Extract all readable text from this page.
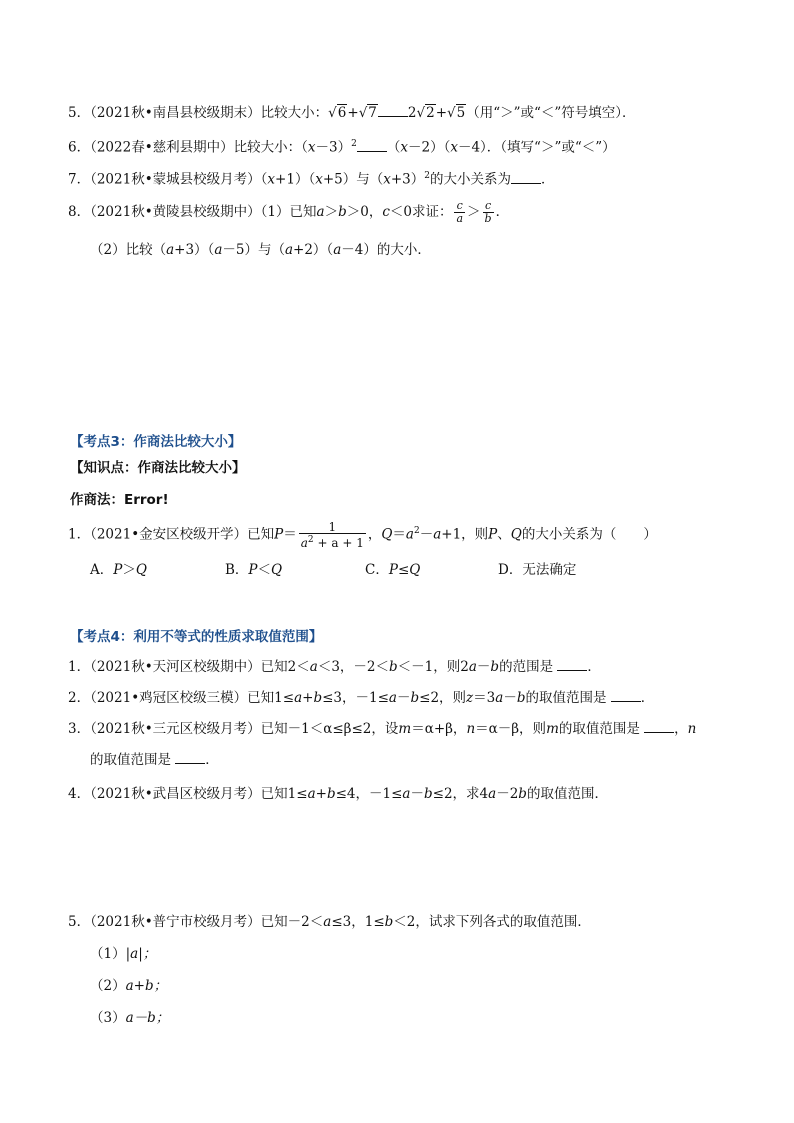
5．（2021秋•南昌县校级期末）比较大小：√6+√7 2√2+√5（用“＞”或“＜”符号填空）．
6．（2022春•慈利县期中）比较大小：$(x-3)^2$ （x－2）（x－4）．（填写“＞”或“＜”）
7．（2021秋•蒙城县校级月考）（x+1）（x+5）与$(x+3)^2$的大小关系为 ．
8．（2021秋•黄陵县校级期中）（1）已知a＞b＞0，c＜0求证： $\frac{c}{a} > \frac{c}{b}$ ．
（2）比较（a+3）（a－5）与（a+2）（a－4）的大小．
【考点3：作商法比较大小】
【知识点：作商法比较大小】
作商法：Error!
1．（2021•金安区校级开学）已知$P= \frac{1}{a^2 + a + 1}$ ，$Q=a^2-a+1$，则P、Q的大小关系为（　　）
A．P＞Q	B．P＜Q	C．P≤Q	D．无法确定
【考点4：利用不等式的性质求取值范围】
1．（2021秋•天河区校级期中）已知2＜a＜3，－2＜b＜－1，则2a－b的范围是	．
2．（2021•鸡冠区校级三模）已知1≤a+b≤3，－1≤a－b≤2，则z＝3a－b的取值范围是	．
3．（2021秋•三元区校级月考）已知－1＜α≤β≤2，设m＝α+β，n＝α－β，则m的取值范围是	，n
的取值范围是	．
4．（2021秋•武昌区校级月考）已知1≤a+b≤4，－1≤a－b≤2，求4a－2b的取值范围．
5．（2021秋•普宁市校级月考）已知－2＜a≤3，1≤b＜2，试求下列各式的取值范围．
（1）|a|；
（2）a+b；
（3）a－b；
